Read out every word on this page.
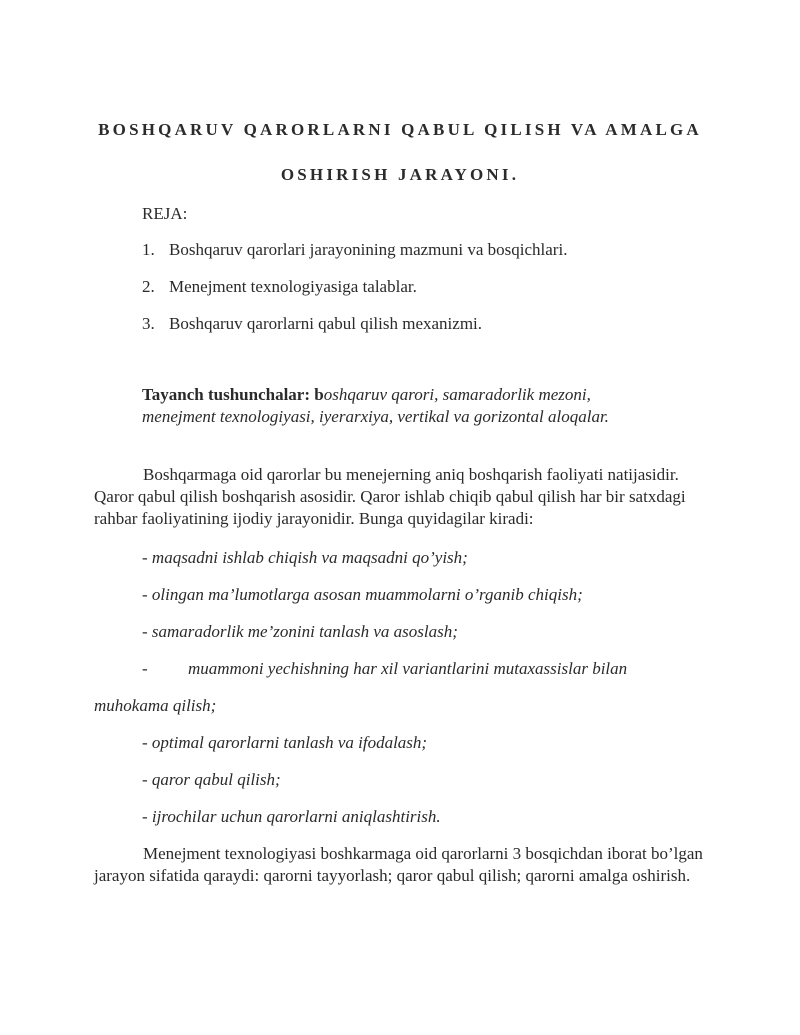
BOSHQARUV QARORLARNI QABUL QILISH VA AMALGA
OSHIRISH JARAYONI.
REJA:
1. Boshqaruv qarorlari jarayonining mazmuni va bosqichlari.
2. Menejment texnologiyasiga talablar.
3. Boshqaruv qarorlarni qabul qilish mexanizmi.
Tayanch tushunchalar: boshqaruv qarori, samaradorlik mezoni, menejment texnologiyasi, iyerarxiya, vertikal va gorizontal aloqalar.
Boshqarmaga oid qarorlar bu menejerning aniq boshqarish faoliyati natijasidir. Qaror qabul qilish boshqarish asosidir. Qaror ishlab chiqib qabul qilish har bir satxdagi rahbar faoliyatining ijodiy jarayonidir. Bunga quyidagilar kiradi:
- maqsadni ishlab chiqish va maqsadni qo’yish;
- olingan ma’lumotlarga asosan muammolarni o’rganib chiqish;
- samaradorlik me’zonini tanlash va asoslash;
- muammoni yechishning har xil variantlarini mutaxassislar bilan
muhokama qilish;
- optimal qarorlarni tanlash va ifodalash;
- qaror qabul qilish;
- ijrochilar uchun qarorlarni aniqlashtirish.
Menejment texnologiyasi boshkarmaga oid qarorlarni 3 bosqichdan iborat bo’lgan jarayon sifatida qaraydi: qarorni tayyorlash; qaror qabul qilish; qarorni amalga oshirish.
